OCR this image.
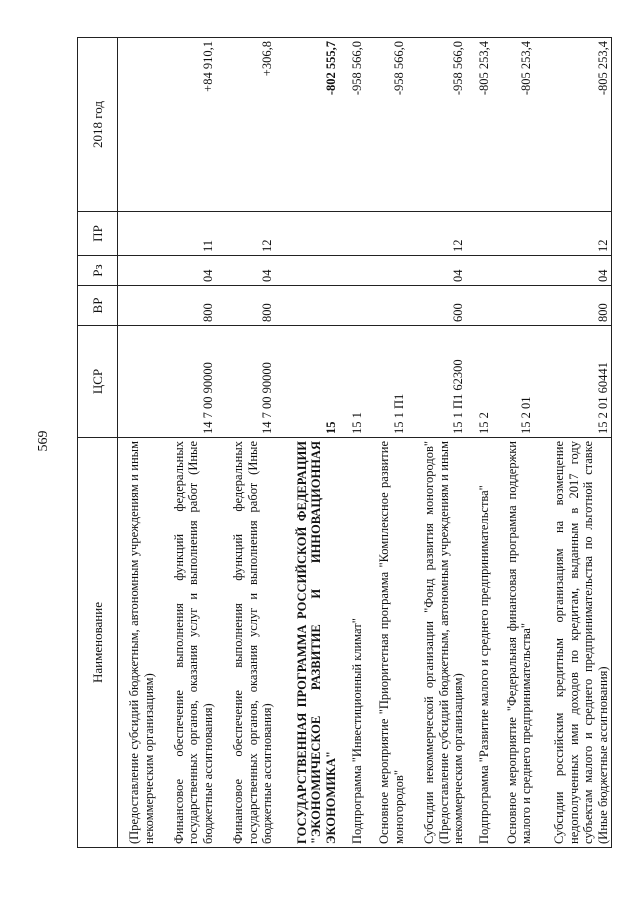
569
Наименование	ЦСР	ВР	Рз	ПР	2018 год
(Предоставление субсидий бюджетным, автономным учреждениям и иным некоммерческим организациям)					
Финансовое обеспечение выполнения функций федеральных государственных органов, оказания услуг и выполнения работ (Иные бюджетные ассигнования)	14 7 00 90000	800	04	11	+84 910,1
Финансовое обеспечение выполнения функций федеральных государственных органов, оказания услуг и выполнения работ (Иные бюджетные ассигнования)	14 7 00 90000	800	04	12	+306,8
ГОСУДАРСТВЕННАЯ ПРОГРАММА РОССИЙСКОЙ ФЕДЕРАЦИИ "ЭКОНОМИЧЕСКОЕ РАЗВИТИЕ И ИННОВАЦИОННАЯ ЭКОНОМИКА"	15				-802 555,7
Подпрограмма "Инвестиционный климат"	15 1				-958 566,0
Основное мероприятие "Приоритетная программа "Комплексное развитие моногородов"	15 1 П1				-958 566,0
Субсидии некоммерческой организации "Фонд развития моногородов" (Предоставление субсидий бюджетным, автономным учреждениям и иным некоммерческим организациям)	15 1 П1 62300	600	04	12	-958 566,0
Подпрограмма "Развитие малого и среднего предпринимательства"	15 2				-805 253,4
Основное мероприятие "Федеральная финансовая программа поддержки малого и среднего предпринимательства"	15 2 01				-805 253,4
Субсидии российским кредитным организациям на возмещение недополученных ими доходов по кредитам, выданным в 2017 году субъектам малого и среднего предпринимательства по льготной ставке (Иные бюджетные ассигнования)	15 2 01 60441	800	04	12	-805 253,4
